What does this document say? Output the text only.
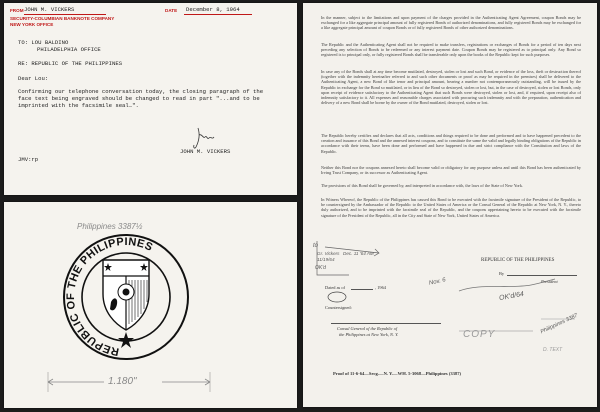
FROM JOHN M. VICKERS	DATE December 8, 1964
SECURITY-COLUMBIAN BANKNOTE COMPANY
NEW YORK OFFICE
TO: LOU BALDINO
PHILADELPHIA OFFICE
RE: REPUBLIC OF THE PHILIPPINES
Dear Lou:
Confirming our telephone conversation today, the closing paragraph of the
face text being engraved should be changed to read in part "...and to be
imprinted with the facsimile seal…".
JOHN M. VICKERS
JMV:rp
Philippines 3387½
REPUBLIC OF THE PHILIPPINES
1.180"
In the manner, subject to the limitations and upon payment of the charges provided in the Authenticating Agent Agreement, coupon Bonds may be exchanged for a like aggregate principal amount of fully registered Bonds of authorized denominations, and fully registered Bonds may be exchanged for a like aggregate principal amount of coupon Bonds or of fully registered Bonds of other authorized denominations.
The Republic and the Authenticating Agent shall not be required to make transfers, registrations or exchanges of Bonds for a period of ten days next preceding any selection of Bonds to be redeemed or any interest payment date. Coupon Bonds may be registered as to principal only. Any Bond so registered is to principal only, or fully registered Bonds shall be transferable only upon the books of the Republic kept for such purposes.
In case any of the Bonds shall at any time become mutilated, destroyed, stolen or lost and such Bond, or evidence of the loss, theft or destruction thereof (together with the indemnity hereinafter referred to and such other documents or proof as may be required in the premises) shall be delivered to the Authenticating Agent, a new Bond of like tenor and principal amount, bearing a number not contemporaneously outstanding, will be issued by the Republic in exchange for the Bond so mutilated, or in lieu of the Bond so destroyed, stolen or lost, but, in the case of destroyed, stolen or lost Bonds, only upon receipt of evidence satisfactory to the Authenticating Agent that such Bonds were destroyed, stolen or lost, and, if required, upon receipt also of indemnity satisfactory to it. All expenses and reasonable charges associated with procuring such indemnity and with the preparation, authentication and delivery of a new Bond shall be borne by the owner of the Bond mutilated, destroyed, stolen or lost.
The Republic hereby certifies and declares that all acts, conditions and things required to be done and performed and to have happened precedent to the creation and issuance of this Bond and the annexed interest coupons, and to constitute the same the valid and legally binding obligations of the Republic in accordance with their terms, have been done and performed and have happened in due and strict compliance with the Constitution and laws of the Republic.
Neither this Bond nor the coupons annexed hereto shall become valid or obligatory for any purpose unless and until this Bond has been authenticated by Irving Trust Company, or its successor as Authenticating Agent.
The provisions of this Bond shall be governed by, and interpreted in accordance with, the laws of the State of New York.
In Witness Whereof, the Republic of the Philippines has caused this Bond to be executed with the facsimile signature of the President of the Republic, to be countersigned by the Ambassador of the Republic to the United States of America or the Consul General of the Republic at New York, N. Y., thereto duly authorized, and to be imprinted with the facsimile seal of the Republic, and the coupons appertaining hereto to be executed with the facsimile signature of the President of the Republic, all in the City and State of New York, United States of America.
REPUBLIC OF THE PHILIPPINES
By
President
Dated as of	, 1964
Countersigned:
Consul General of the Republic of
the Philippines at New York, N. Y.
Proof of 11-6-64—Secg.—N. Y.—WH. 5-3068—Philippines (3387)
to
Gr. Vickers
11/19/64
Dec. 11 '64 AM
OK'd
Nov. 6
OK'd/64
COPY
D. TEXT
Philippines 3387
